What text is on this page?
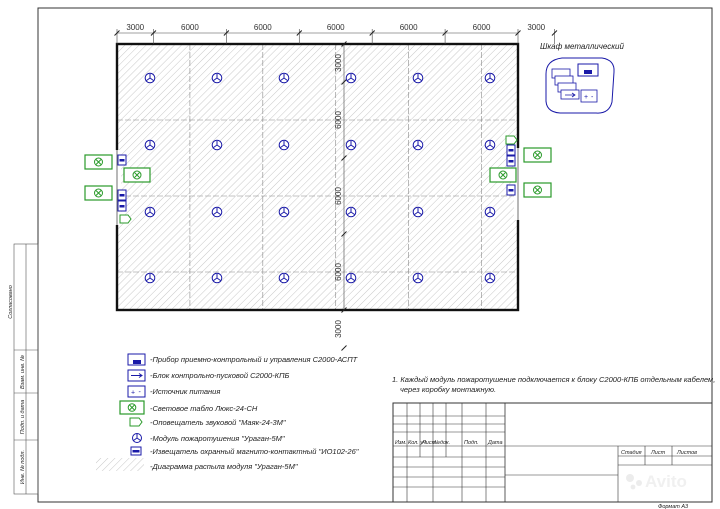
Согласовано
Взам. инв. №
Подп. и дата
Инв. № подл.
3000	6000	6000	6000	6000	6000	3000
3000
6000
6000
6000
3000
Шкаф металлический
+ -
+ -
-Прибор приемно-контрольный и управления С2000-АСПТ
-Блок контрольно-пусковой С2000-КПБ
-Источник питания
-Световое табло Люкс-24-СН
-Оповещатель звуковой "Маяк-24-3М"
-Модуль пожаротушения "Ураган-5М"
-Извещатель охранный магнито-контактный "ИО102-26"
-Диаграмма распыла модуля "Ураган-5М"
1. Каждый модуль пожаротушение подключается к блоку С2000-КПБ отдельным кабелем,
через коробку монтажную.
Изм. Кол. уч
Лист
№док.	Подп. Дата
Стадия Лист Листов
Формат А3
Avito
